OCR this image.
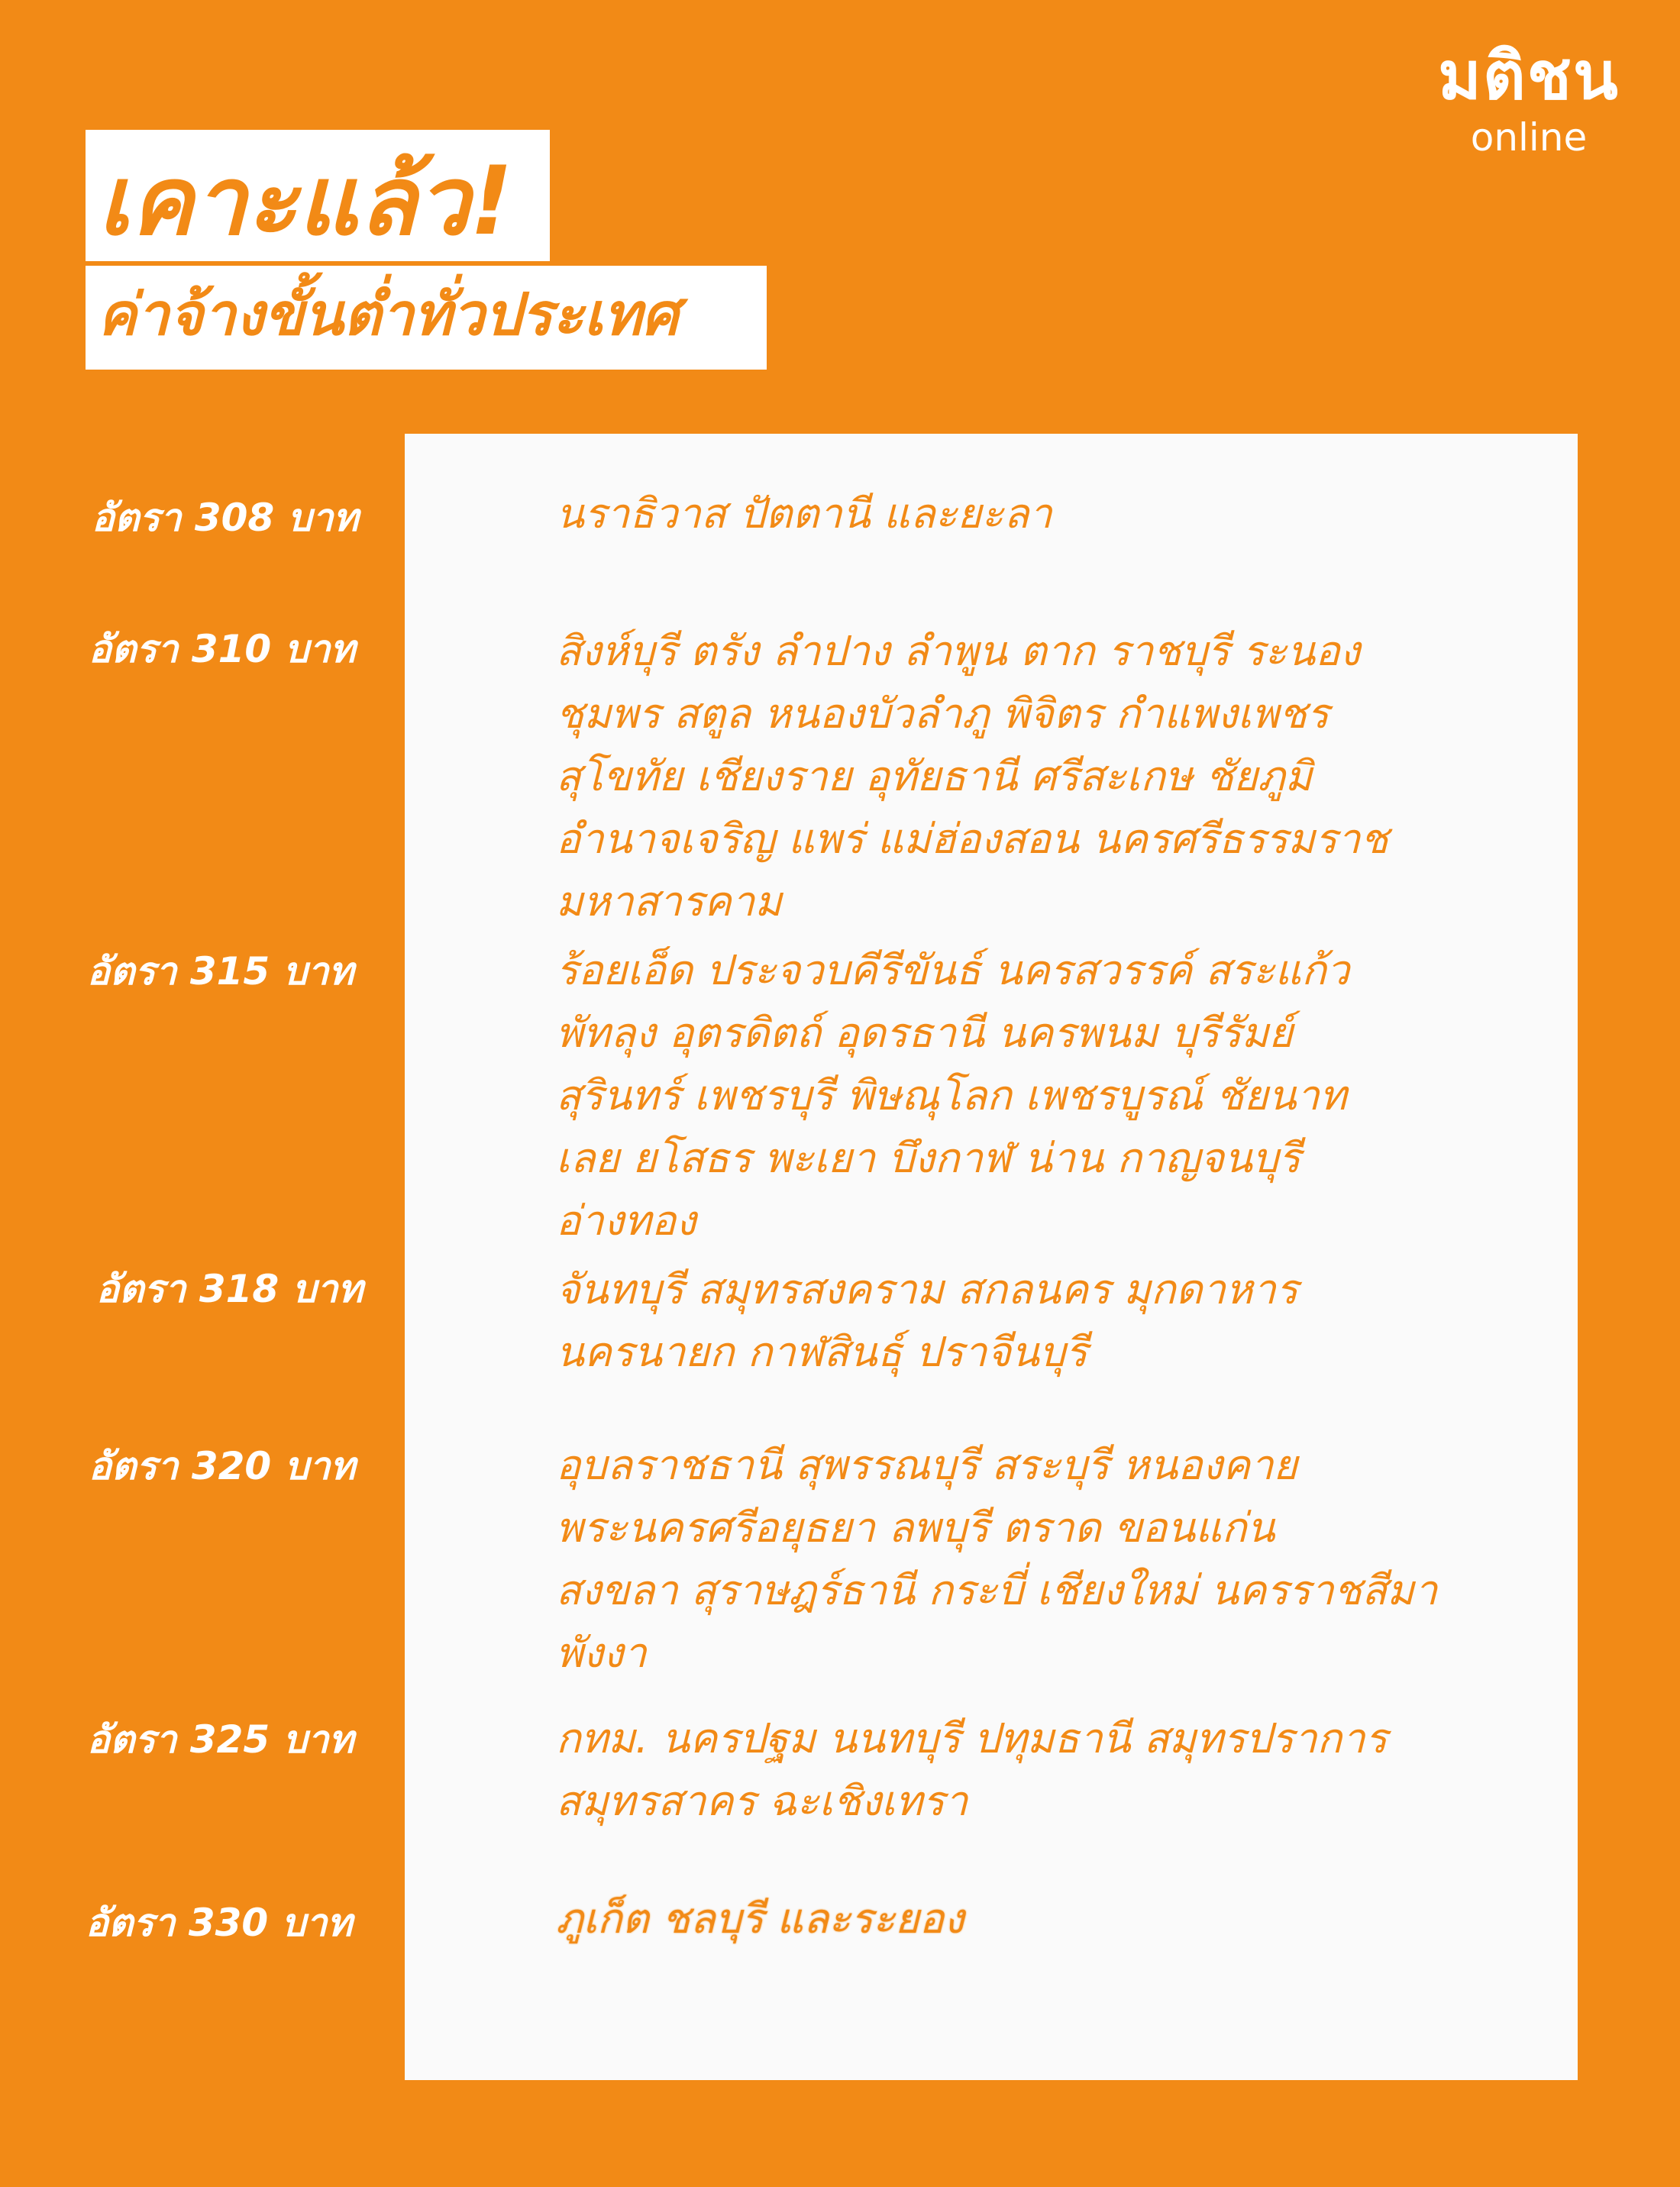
มติชน
online
เคาะแล้ว!
ค่าจ้างขั้นต่ำทั่วประเทศ
อัตรา 308 บาท	นราธิวาส ปัตตานี และยะลา
อัตรา 310 บาท	สิงห์บุรี ตรัง ลำปาง ลำพูน ตาก ราชบุรี ระนอง
ชุมพร สตูล หนองบัวลำภู พิจิตร กำแพงเพชร
สุโขทัย เชียงราย อุทัยธานี ศรีสะเกษ ชัยภูมิ
อำนาจเจริญ แพร่ แม่ฮ่องสอน นครศรีธรรมราช
มหาสารคาม
อัตรา 315 บาท	ร้อยเอ็ด ประจวบคีรีขันธ์ นครสวรรค์ สระแก้ว
พัทลุง อุตรดิตถ์ อุดรธานี นครพนม บุรีรัมย์
สุรินทร์ เพชรบุรี พิษณุโลก เพชรบูรณ์ ชัยนาท
เลย ยโสธร พะเยา บึงกาฬ น่าน กาญจนบุรี
อ่างทอง
อัตรา 318 บาท	จันทบุรี สมุทรสงคราม สกลนคร มุกดาหาร
นครนายก กาฬสินธุ์ ปราจีนบุรี
อัตรา 320 บาท	อุบลราชธานี สุพรรณบุรี สระบุรี หนองคาย
พระนครศรีอยุธยา ลพบุรี ตราด ขอนแก่น
สงขลา สุราษฎร์ธานี กระบี่ เชียงใหม่ นครราชสีมา
พังงา
อัตรา 325 บาท	กทม. นครปฐม นนทบุรี ปทุมธานี สมุทรปราการ
สมุทรสาคร ฉะเชิงเทรา
อัตรา 330 บาท	ภูเก็ต ชลบุรี และระยอง
